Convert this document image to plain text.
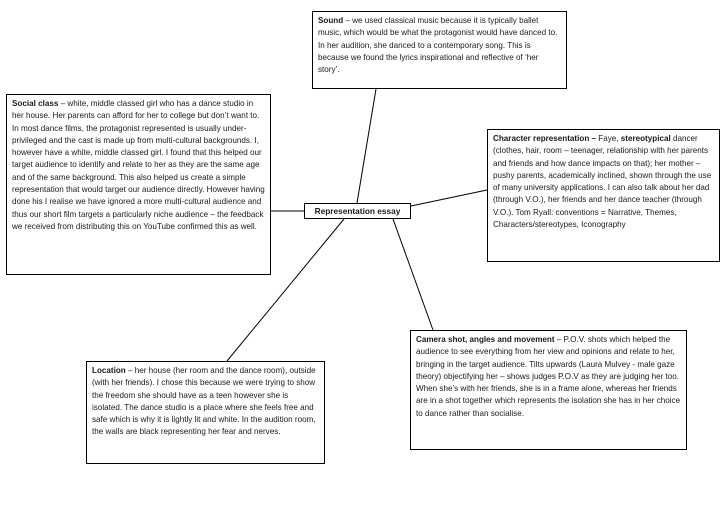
Representation essay
Sound – we used classical music because it is typically ballet music, which would be what the protagonist would have danced to. In her audition, she danced to a contemporary song. This is because we found the lyrics inspirational and reflective of ‘her story’.
Social class – white, middle classed girl who has a dance studio in her house. Her parents can afford for her to college but don’t want to. In most dance films, the protagonist represented is usually under-privileged and the cast is made up from multi-cultural backgrounds. I, however have a white, middle classed girl. I found that this helped our target audience to identify and relate to her as they are the same age and of the same background. This also helped us create a simple representation that would target our audience directly. However having done his I realise we have ignored a more multi-cultural audience and thus our short film targets a particularly niche audience – the feedback we received from distributing this on YouTube confirmed this as well.
Character representation – Faye, stereotypical dancer (clothes, hair, room – teenager, relationship with her parents and friends and how dance impacts on that); her mother – pushy parents, academically inclined, shown through the use of many university applications. I can also talk about her dad (through V.O.), her friends and her dance teacher (through V.O.). Tom Ryall: conventions = Narrative, Themes, Characters/stereotypes, Iconography
Camera shot, angles and movement – P.O.V. shots which helped the audience to see everything from her view and opinions and relate to her, bringing in the target audience. Tilts upwards (Laura Mulvey - male gaze theory) objectifying her – shows judges P.O.V as they are judging her too. When she’s with her friends, she is in a frame alone, whereas her friends are in a shot together which represents the isolation she has in her choice to dance rather than socialise.
Location – her house (her room and the dance room), outside (with her friends). I chose this because we were trying to show the freedom she should have as a teen however she is isolated. The dance studio is a place where she feels free and safe which is why it is lightly lit and white. In the audition room, the walls are black representing her fear and nerves.
